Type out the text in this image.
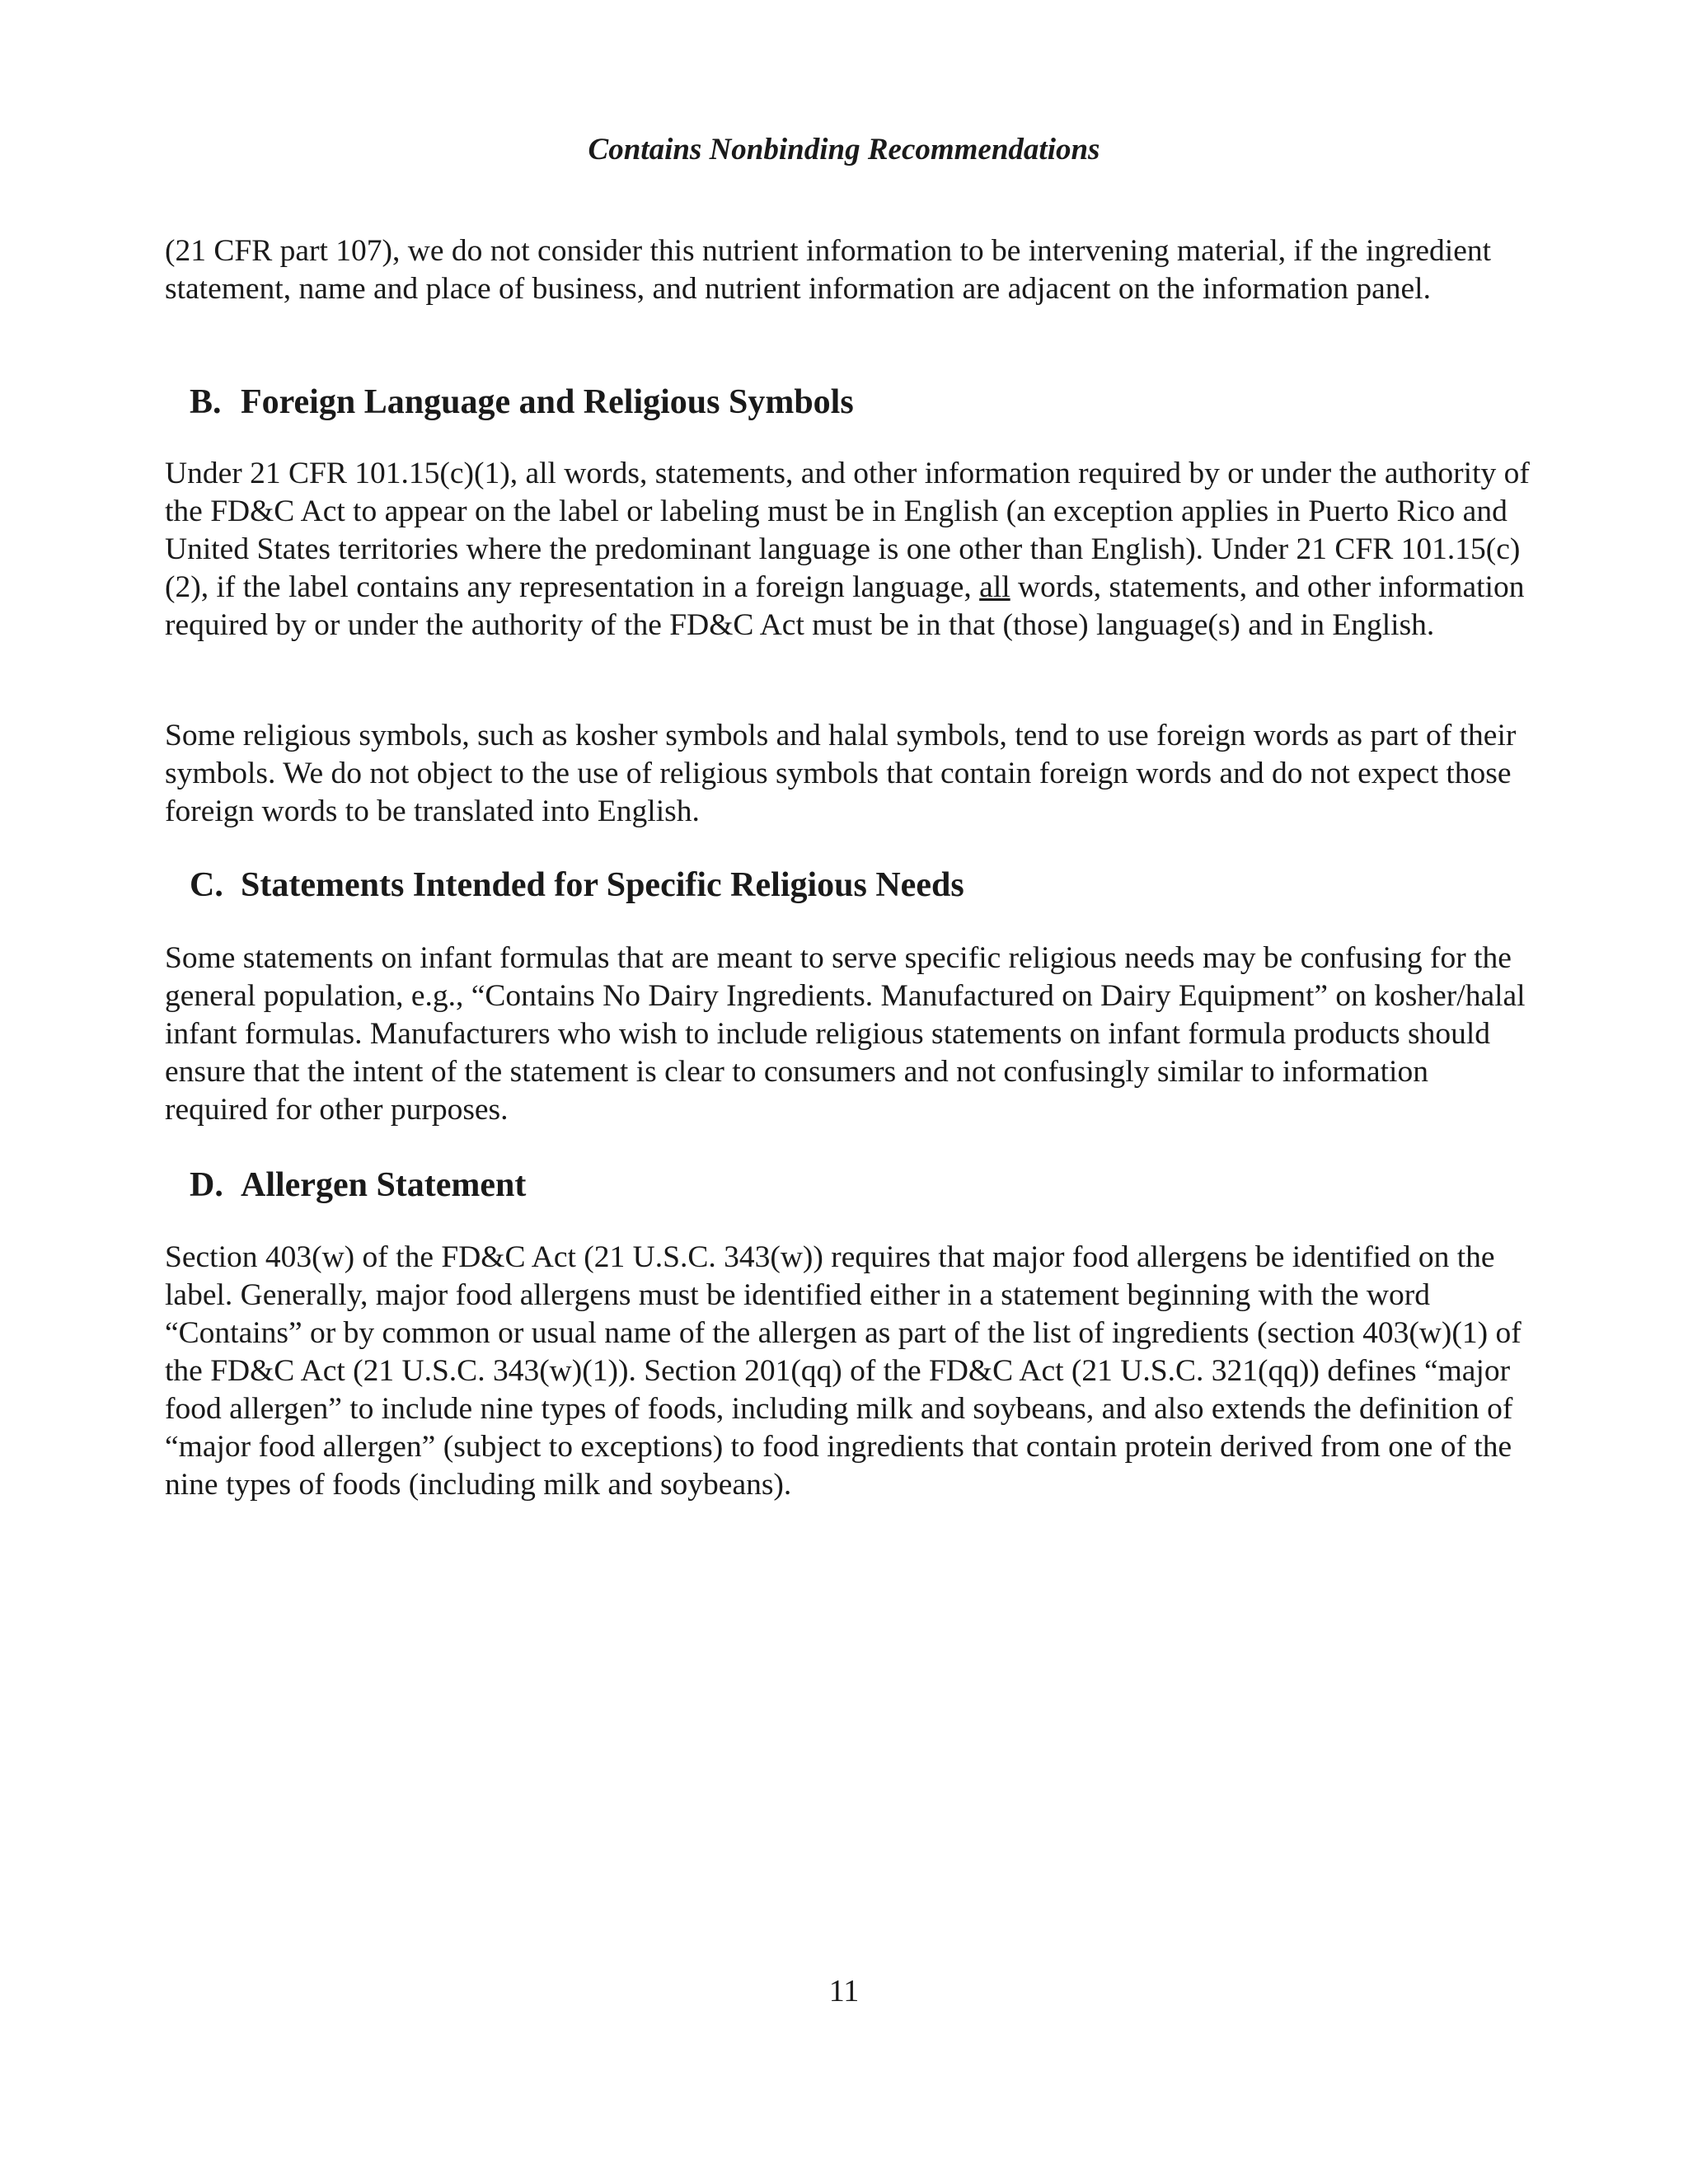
Contains Nonbinding Recommendations

(21 CFR part 107), we do not consider this nutrient information to be intervening material, if the ingredient statement, name and place of business, and nutrient information are adjacent on the information panel.

B. Foreign Language and Religious Symbols

Under 21 CFR 101.15(c)(1), all words, statements, and other information required by or under the authority of the FD&C Act to appear on the label or labeling must be in English (an exception applies in Puerto Rico and United States territories where the predominant language is one other than English). Under 21 CFR 101.15(c)(2), if the label contains any representation in a foreign language, all words, statements, and other information required by or under the authority of the FD&C Act must be in that (those) language(s) and in English.

Some religious symbols, such as kosher symbols and halal symbols, tend to use foreign words as part of their symbols. We do not object to the use of religious symbols that contain foreign words and do not expect those foreign words to be translated into English.

C. Statements Intended for Specific Religious Needs

Some statements on infant formulas that are meant to serve specific religious needs may be confusing for the general population, e.g., “Contains No Dairy Ingredients. Manufactured on Dairy Equipment” on kosher/halal infant formulas. Manufacturers who wish to include religious statements on infant formula products should ensure that the intent of the statement is clear to consumers and not confusingly similar to information required for other purposes.

D. Allergen Statement

Section 403(w) of the FD&C Act (21 U.S.C. 343(w)) requires that major food allergens be identified on the label. Generally, major food allergens must be identified either in a statement beginning with the word “Contains” or by common or usual name of the allergen as part of the list of ingredients (section 403(w)(1) of the FD&C Act (21 U.S.C. 343(w)(1)). Section 201(qq) of the FD&C Act (21 U.S.C. 321(qq)) defines “major food allergen” to include nine types of foods, including milk and soybeans, and also extends the definition of “major food allergen” (subject to exceptions) to food ingredients that contain protein derived from one of the nine types of foods (including milk and soybeans).

11
